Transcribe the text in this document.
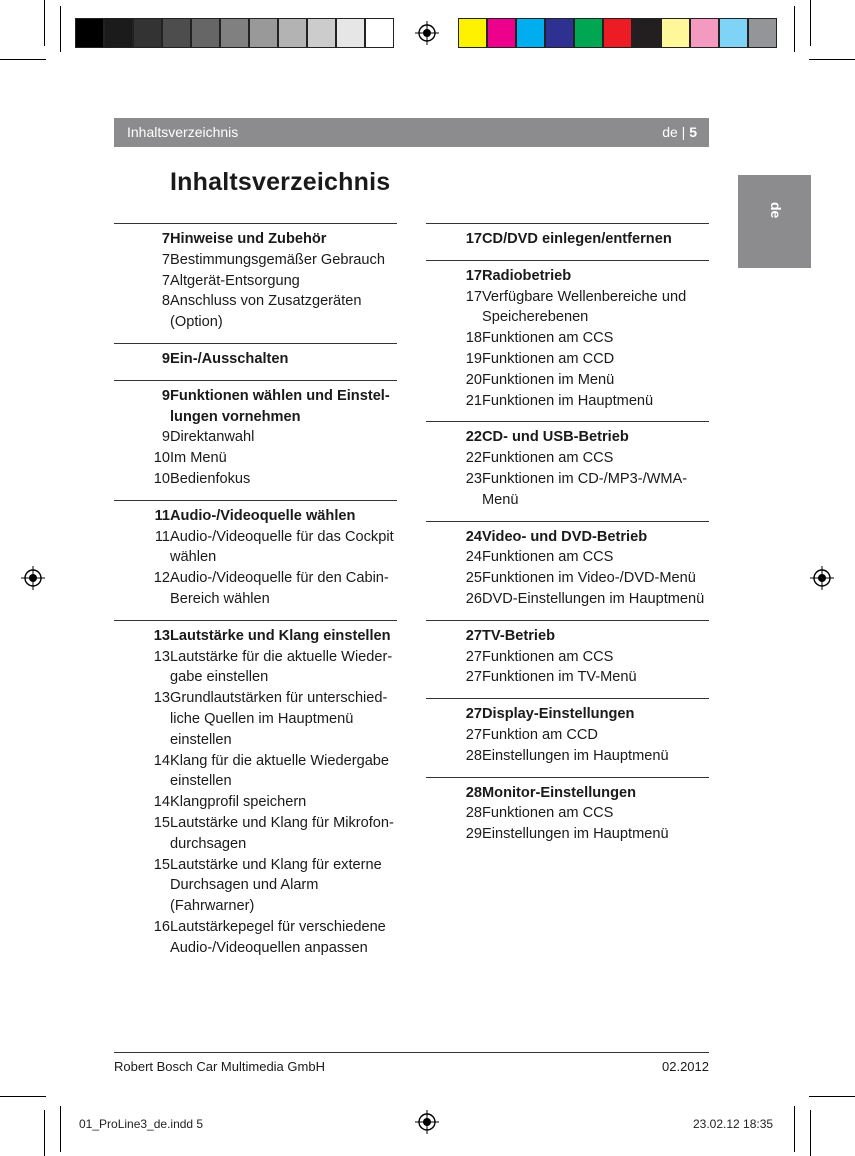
Inhaltsverzeichnis	de | 5
de
Inhaltsverzeichnis
7 Hinweise und Zubehör
7 Bestimmungsgemäßer Gebrauch
7 Altgerät-Entsorgung
8 Anschluss von Zusatzgeräten (Option)
9 Ein-/Ausschalten
9 Funktionen wählen und Einstel-lungen vornehmen
9 Direktanwahl
10 Im Menü
10 Bedienfokus
11 Audio-/Videoquelle wählen
11 Audio-/Videoquelle für das Cockpit wählen
12 Audio-/Videoquelle für den Cabin-Bereich wählen
13 Lautstärke und Klang einstellen
13 Lautstärke für die aktuelle Wieder-gabe einstellen
13 Grundlautstärken für unterschied-liche Quellen im Hauptmenü einstellen
14 Klang für die aktuelle Wiedergabe einstellen
14 Klangprofil speichern
15 Lautstärke und Klang für Mikrofon-durchsagen
15 Lautstärke und Klang für externe Durchsagen und Alarm (Fahrwarner)
16 Lautstärkepegel für verschiedene Audio-/Videoquellen anpassen
17 CD/DVD einlegen/entfernen
17 Radiobetrieb
17 Verfügbare Wellenbereiche und Speicherebenen
18 Funktionen am CCS
19 Funktionen am CCD
20 Funktionen im Menü
21 Funktionen im Hauptmenü
22 CD- und USB-Betrieb
22 Funktionen am CCS
23 Funktionen im CD-/MP3-/WMA-Menü
24 Video- und DVD-Betrieb
24 Funktionen am CCS
25 Funktionen im Video-/DVD-Menü
26 DVD-Einstellungen im Hauptmenü
27 TV-Betrieb
27 Funktionen am CCS
27 Funktionen im TV-Menü
27 Display-Einstellungen
27 Funktion am CCD
28 Einstellungen im Hauptmenü
28 Monitor-Einstellungen
28 Funktionen am CCS
29 Einstellungen im Hauptmenü
Robert Bosch Car Multimedia GmbH	02.2012
01_ProLine3_de.indd 5	23.02.12 18:35
